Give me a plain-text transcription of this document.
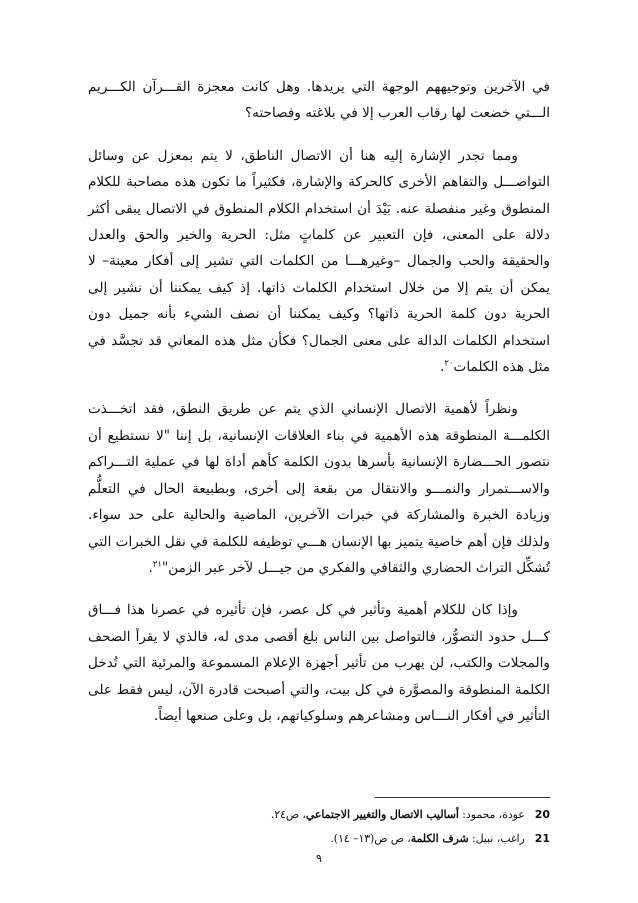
في الآخرين وتوجيههم الوجهة التي يريدها. وهل كانت معجزة القـــرآن الكـــريم الـــتي خضعت لها رقاب العرب إلا في بلاغته وفصاحته؟

ومما تجدر الإشارة إليه هنا أن الاتصال الناطق، لا يتم بمعزل عن وسائل التواصـــل والتفاهم الأخرى كالحركة والإشارة، فكثيراً ما تكون هذه مصاحبة للكلام المنطوق وغير منفصلة عنه. بَيْدَ أن استخدام الكلام المنطوق في الاتصال يبقى أكثر دلالة على المعنى، فإن التعبير عن كلماتٍ مثل: الحرية والخير والحق والعدل والحقيقة والحب والجمال –وغيرهـــا من الكلمات التي تشير إلى أفكار معينة– لا يمكن أن يتم إلا من خلال استخدام الكلمات ذاتها. إذ كيف يمكننا أن نشير إلى الحرية دون كلمة الحرية ذاتها؟ وكيف يمكننا أن نصف الشيء بأنه جميل دون استخدام الكلمات الدالة على معنى الجمال؟ فكأن مثل هذه المعاني قد تجسَّد في مثل هذه الكلمات$^{٢٠}$.

ونظراً لأهمية الاتصال الإنساني الذي يتم عن طريق النطق، فقد اتخـــذت الكلمـــة المنطوقة هذه الأهمية في بناء العلاقات الإنسانية، بل إننا "لا نستطيع أن نتصور الحـــضارة الإنسانية بأسرها بدون الكلمة كأهم أداة لها في عملية التـــراكم والاســـتمرار والنمـــو والانتقال من بقعة إلى أخرى، وبطبيعة الحال في التعلُّم وزيادة الخبرة والمشاركة في خبرات الآخرين، الماضية والحالية على حد سواء. ولذلك فإن أهم خاصية يتميز بها الإنسان هـــي توظيفه للكلمة في نقل الخبرات التي تُشكِّل التراث الحضاري والثقافي والفكري من جيـــل لآخر عبر الزمن"$^{٢١}$.

وإذا كان للكلام أهمية وتأثير في كل عصر، فإن تأثيره في عصرنا هذا فـــاق كـــل حدود التصوُّر، فالتواصل بين الناس بلغ أقصى مدى له، فالذي لا يقرأ الصحف والمجلات والكتب، لن يهرب من تأثير أجهزة الإعلام المسموعة والمرئية التي تُدخل الكلمة المنطوقة والمصوَّرة في كل بيت، والتي أصبحت قادرة الآن، ليس فقط على التأثير في أفكار النـــاس ومشاعرهم وسلوكياتهم، بل وعلى صنعها أيضاً.

20عودة، محمود: أساليب الاتصال والتغيير الاجتماعي، ص٢٤.
21راغب، نبيل: شرف الكلمة، ص ص(١٣– ١٤).
٩
